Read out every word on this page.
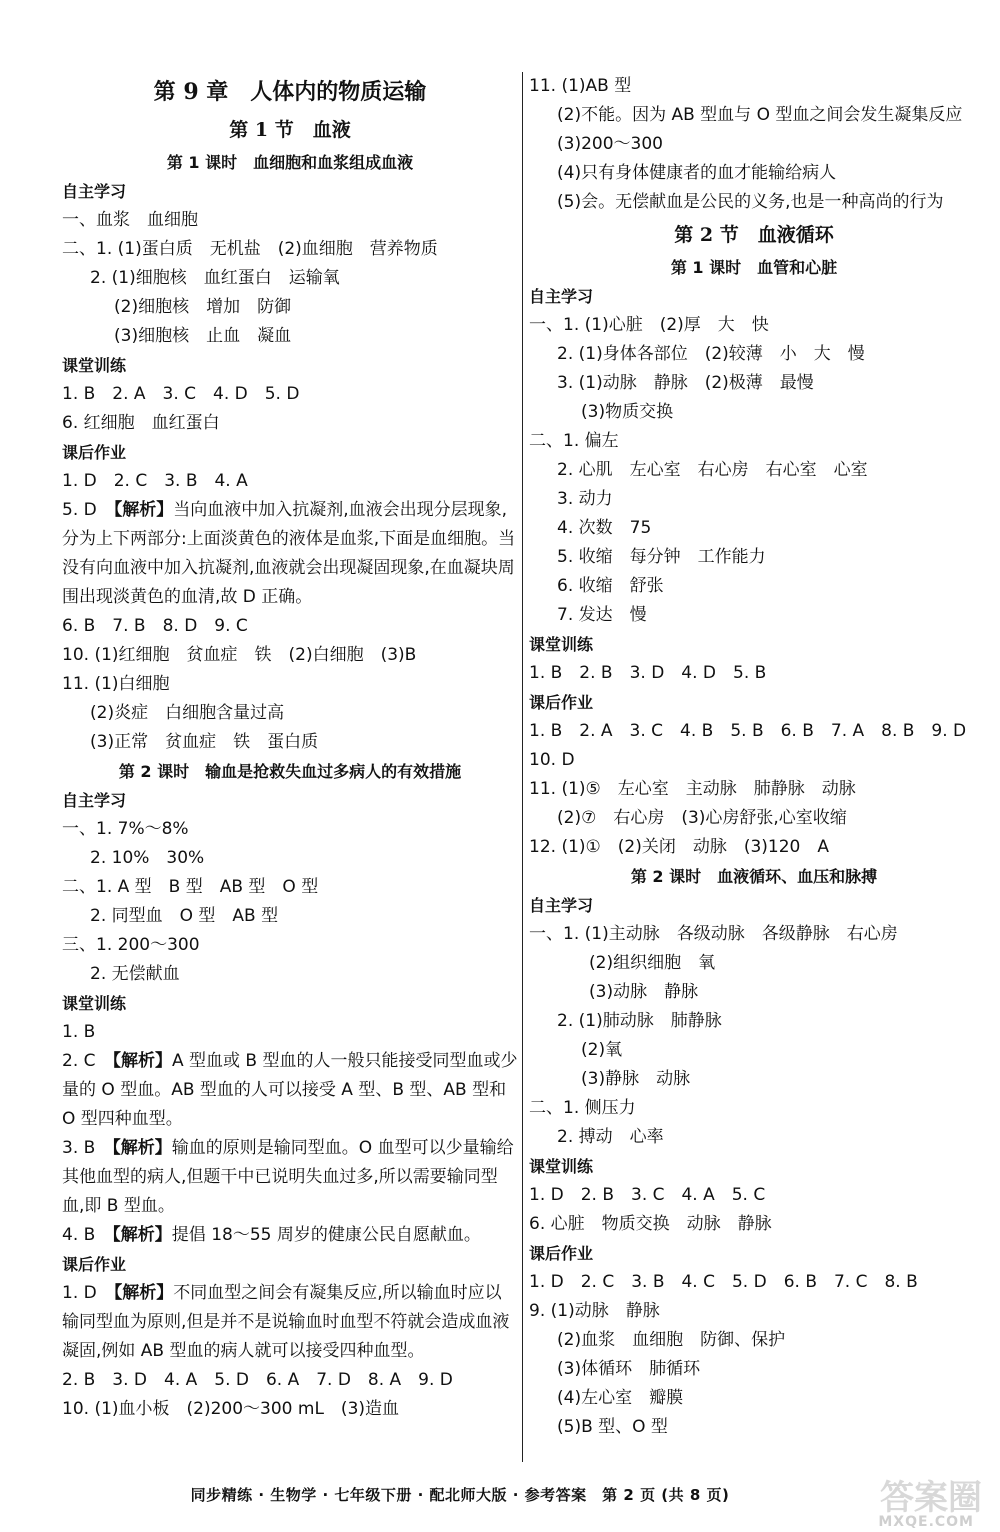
第 9 章　人体内的物质运输
第 1 节　血液
第 1 课时　血细胞和血浆组成血液
自主学习
一、血浆　血细胞
二、1. (1)蛋白质　无机盐　(2)血细胞　营养物质
2. (1)细胞核　血红蛋白　运输氧
(2)细胞核　增加　防御
(3)细胞核　止血　凝血
课堂训练
1. B　2. A　3. C　4. D　5. D
6. 红细胞　血红蛋白
课后作业
1. D　2. C　3. B　4. A
5. D　【解析】当向血液中加入抗凝剂,血液会出现分层现象,分为上下两部分:上面淡黄色的液体是血浆,下面是血细胞。当没有向血液中加入抗凝剂,血液就会出现凝固现象,在血凝块周围出现淡黄色的血清,故 D 正确。
6. B　7. B　8. D　9. C
10. (1)红细胞　贫血症　铁　(2)白细胞　(3)B
11. (1)白细胞
(2)炎症　白细胞含量过高
(3)正常　贫血症　铁　蛋白质
第 2 课时　输血是抢救失血过多病人的有效措施
自主学习
一、1. 7%～8%
2. 10%　30%
二、1. A 型　B 型　AB 型　O 型
2. 同型血　O 型　AB 型
三、1. 200～300
2. 无偿献血
课堂训练
1. B
2. C　【解析】A 型血或 B 型血的人一般只能接受同型血或少量的 O 型血。AB 型血的人可以接受 A 型、B 型、AB 型和 O 型四种血型。
3. B　【解析】输血的原则是输同型血。O 血型可以少量输给其他血型的病人,但题干中已说明失血过多,所以需要输同型血,即 B 型血。
4. B　【解析】提倡 18～55 周岁的健康公民自愿献血。
课后作业
1. D　【解析】不同血型之间会有凝集反应,所以输血时应以输同型血为原则,但是并不是说输血时血型不符就会造成血液凝固,例如 AB 型血的病人就可以接受四种血型。
2. B　3. D　4. A　5. D　6. A　7. D　8. A　9. D
10. (1)血小板　(2)200～300 mL　(3)造血
11. (1)AB 型
(2)不能。因为 AB 型血与 O 型血之间会发生凝集反应
(3)200～300
(4)只有身体健康者的血才能输给病人
(5)会。无偿献血是公民的义务,也是一种高尚的行为
第 2 节　血液循环
第 1 课时　血管和心脏
自主学习
一、1. (1)心脏　(2)厚　大　快
2. (1)身体各部位　(2)较薄　小　大　慢
3. (1)动脉　静脉　(2)极薄　最慢
(3)物质交换
二、1. 偏左
2. 心肌　左心室　右心房　右心室　心室
3. 动力
4. 次数　75
5. 收缩　每分钟　工作能力
6. 收缩　舒张
7. 发达　慢
课堂训练
1. B　2. B　3. D　4. D　5. B
课后作业
1. B　2. A　3. C　4. B　5. B　6. B　7. A　8. B　9. D
10. D
11. (1)⑤　左心室　主动脉　肺静脉　动脉
(2)⑦　右心房　(3)心房舒张,心室收缩
12. (1)①　(2)关闭　动脉　(3)120　A
第 2 课时　血液循环、血压和脉搏
自主学习
一、1. (1)主动脉　各级动脉　各级静脉　右心房
(2)组织细胞　氧
(3)动脉　静脉
2. (1)肺动脉　肺静脉
(2)氧
(3)静脉　动脉
二、1. 侧压力
2. 搏动　心率
课堂训练
1. D　2. B　3. C　4. A　5. C
6. 心脏　物质交换　动脉　静脉
课后作业
1. D　2. C　3. B　4. C　5. D　6. B　7. C　8. B
9. (1)动脉　静脉
(2)血浆　血细胞　防御、保护
(3)体循环　肺循环
(4)左心室　瓣膜
(5)B 型、O 型
同步精练 · 生物学 · 七年级下册 · 配北师大版 · 参考答案　第 2 页 (共 8 页)	答案圈
MXQE.COM
